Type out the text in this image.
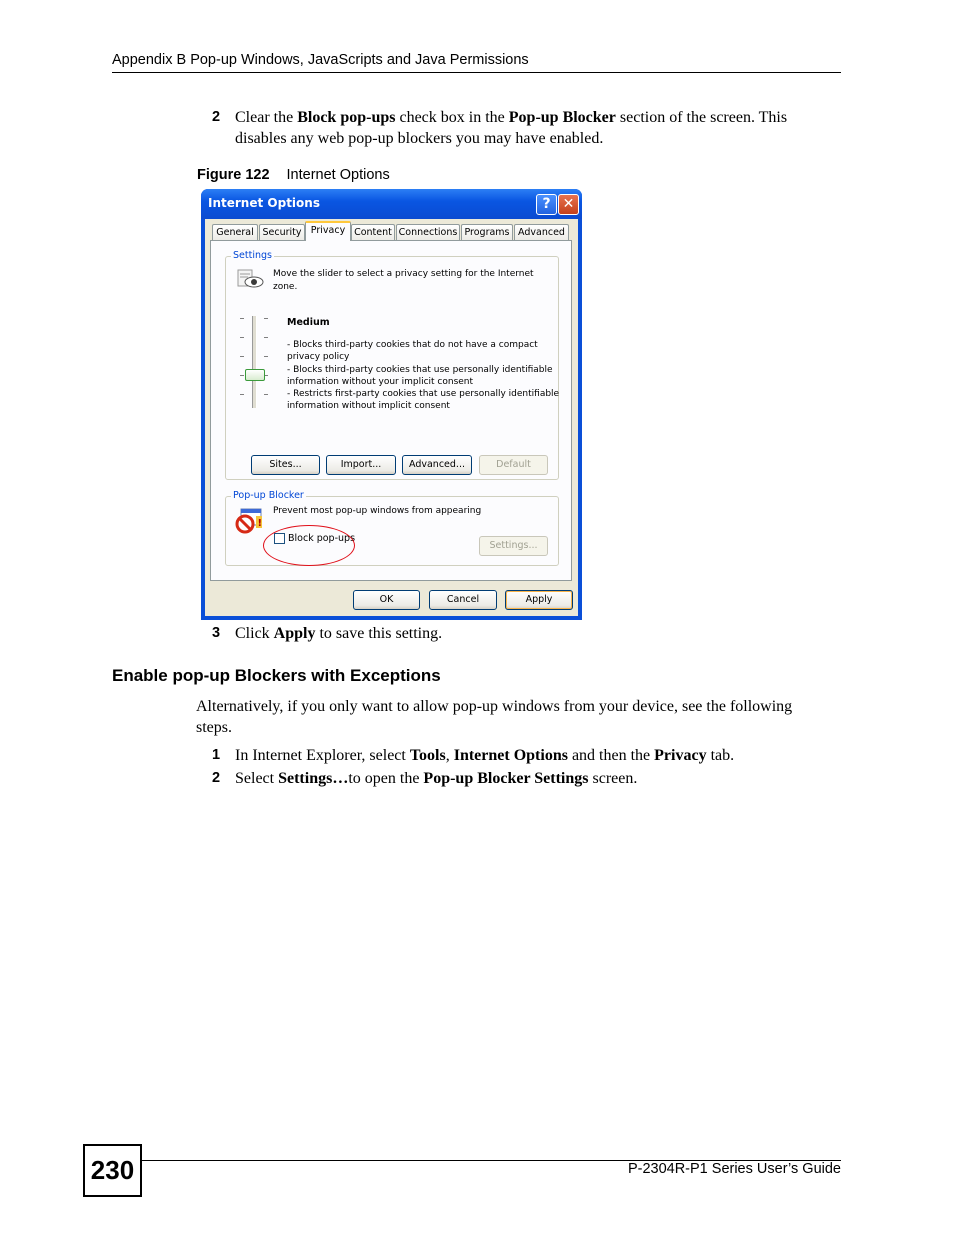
Appendix B Pop-up Windows, JavaScripts and Java Permissions
2 Clear the Block pop-ups check box in the Pop-up Blocker section of the screen. This
disables any web pop-up blockers you may have enabled.
Figure 122 Internet Options
Internet Options	? ✕
General Security Privacy Content Connections Programs Advanced
Settings
Move the slider to select a privacy setting for the Internet
zone.
Medium
- Blocks third-party cookies that do not have a compact
privacy policy
- Blocks third-party cookies that use personally identifiable
information without your implicit consent
- Restricts first-party cookies that use personally identifiable
information without implicit consent
Sites...	Import...	Advanced...	Default
Pop-up Blocker
!
Prevent most pop-up windows from appearing
Block pop-ups
Settings...
OK	Cancel	Apply
3 Click Apply to save this setting.
Enable pop-up Blockers with Exceptions
Alternatively, if you only want to allow pop-up windows from your device, see the following
steps.
1 In Internet Explorer, select Tools, Internet Options and then the Privacy tab.
2 Select Settings…to open the Pop-up Blocker Settings screen.
230	P-2304R-P1 Series User’s Guide
